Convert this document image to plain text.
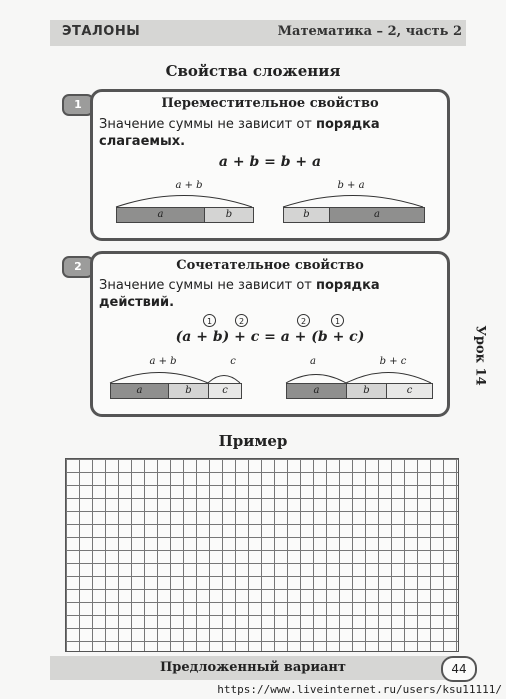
ЭТАЛОНЫ	Математика – 2, часть 2
Свойства сложения
Урок 14
1	Переместительное свойство
Значение суммы не зависит от порядка
слагаемых.
a + b = b + a
a + b
a	b
b + a
b	a
2	Сочетательное свойство
Значение суммы не зависит от порядка
действий.
1	2	2	1
(a + b) + c = a + (b + c)
a + b	c
a	b	c
a	b + c
a	b	c
Пример
Предложенный вариант	44
https://www.liveinternet.ru/users/ksu11111/
